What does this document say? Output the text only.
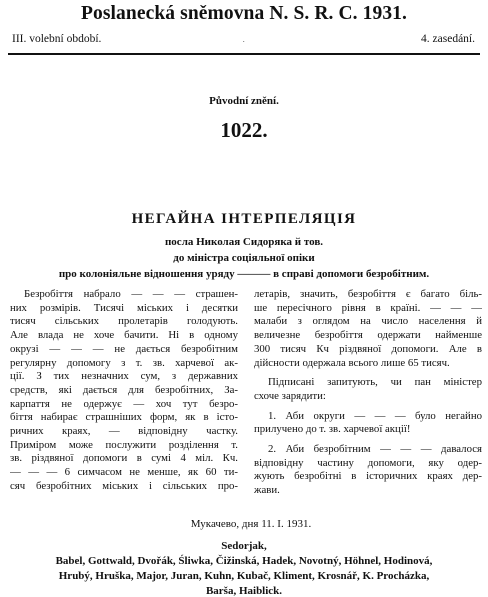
Poslanecká sněmovna N. S. R. C. 1931.
III. volební období.	·	4. zasedání.
Původní znění.
1022.
НЕГАЙНА ІНТЕРПЕЛЯЦІЯ
посла Николая Сидоряка й тов.
до міністра соціяльної опіки
про колоніяльне відношення уряду ——— в справі допомоги безробітним.
Безробіття набрало — — — страшен-
них розмірів. Тисячі міських і десятки
тисяч сільських пролетарів голодують.
Але влада не хоче бачити. Ні в одному
окрузі — — — не дається безробітним
регулярну допомогу з т. зв. харчевої ак-
ції. З тих незначних сум, з державних
средств, які дається для безробітних, За-
карпаття не одержує — хоч тут безро-
біття набирає страшніших форм, як в істо-
ричних краях, — відповідну частку.
Приміром може послужити розділення т.
зв. різдвяної допомоги в сумі 4 міл. Кч.
— — — 6 симчасом не менше, як 60 ти-
сяч безробітних міських і сільських про-
летарів, значить, безробіття є багато біль-
ше пересічного рівня в країні. — — —
малаби з оглядом на число населення й
величезне безробіття одержати найменше
300 тисяч Кч різдвяної допомоги. Але в
дійсности одержала всього лише 65 тисяч.
Підписані запитують, чи пан міністер
схоче зарядити:
1. Аби округи — — — було негайно
прилучено до т. зв. харчевої акції!
2. Аби безробітним — — — давалося
відповідну частину допомоги, яку одер-
жують безробітні в історичних краях дер-
жави.
Мукачево, дня 11. І. 1931.
Sedorjak,
Babel, Gottwald, Dvořák, Śliwka, Čižinská, Hadek, Novotný, Höhnel, Hodinová,
Hrubý, Hruška, Major, Juran, Kuhn, Kubač, Kliment, Krosnář, K. Procházka,
Barša, Haiblick.
